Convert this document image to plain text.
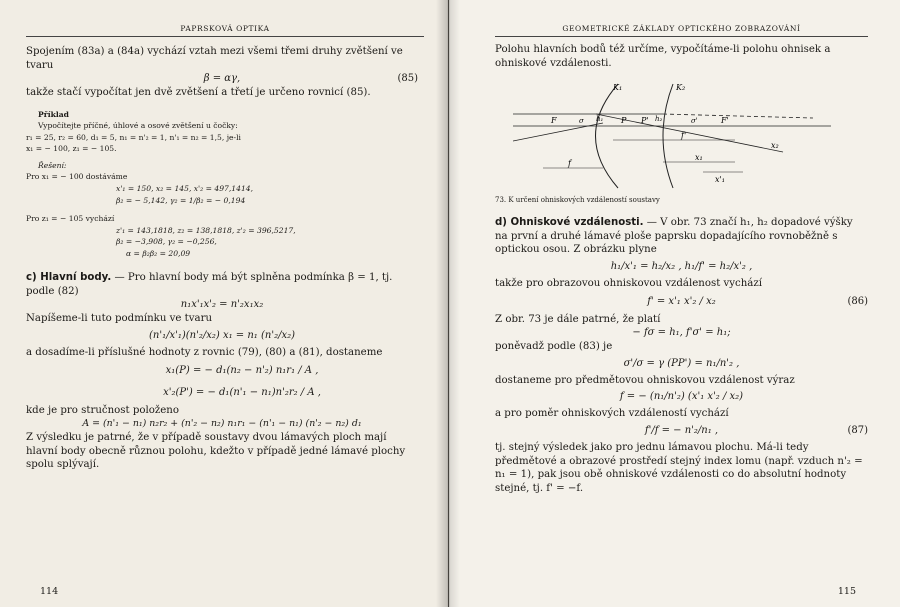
PAPRSKOVÁ OPTIKA

Spojením (83a) a (84a) vychází vztah mezi všemi třemi druhy zvětšení ve tvaru

β = αγ,	(85)

takže stačí vypočítat jen dvě zvětšení a třetí je určeno rovnicí (85).

Příklad

Vypočítejte příčné, úhlové a osové zvětšení u čočky:

r₁ = 25, r₂ = 60, d₁ = 5, n₁ = n'₂ = 1, n'₁ = n₂ = 1,5, je-li

x₁ = − 100, z₁ = − 105.

Řešení:

Pro x₁ = − 100 dostáváme

x'₁ = 150, x₂ = 145, x'₂ = 497,1414,

β₂ = − 5,142, γ₂ = 1/β₂ = − 0,194

Pro z₁ = − 105 vychází

z'₁ = 143,1818, z₂ = 138,1818, z'₂ = 396,5217,

β₂ = −3,908, γ₂ = −0,256,

α = β₂β₂ = 20,09

c) Hlavní body. — Pro hlavní body má být splněna podmínka β = 1, tj. podle (82)

n₁x'₁x'₂ = n'₂x₁x₂

Napíšeme-li tuto podmínku ve tvaru

(n'₁/x'₁)(n'₂/x₂) x₁ = n₁ (n'₂/x₂)

a dosadíme-li příslušné hodnoty z rovnic (79), (80) a (81), dostaneme

x₁(P) = − d₁(n₂ − n'₂) n₁r₁ / A ,
x'₂(P') = − d₁(n'₁ − n₁)n'₂r₂ / A ,

kde je pro stručnost položeno

A = (n'₁ − n₁) n₂r₂ + (n'₂ − n₂) n₁r₁ − (n'₁ − n₁) (n'₂ − n₂) d₁

Z výsledku je patrné, že v případě soustavy dvou lámavých ploch mají hlavní body obecně různou polohu, kdežto v případě jedné lámavé plochy spolu splývají.

114
GEOMETRICKÉ ZÁKLADY OPTICKÉHO ZOBRAZOVÁNÍ

Polohu hlavních bodů též určíme, vypočítáme-li polohu ohnisek a ohniskové vzdálenosti.

K₁	K₂
F	σ h₁ P P' h₂	σ'	F'
f
f'
x₁
x'₁
x₂

73. K určení ohniskových vzdáleností soustavy

d) Ohniskové vzdálenosti. — V obr. 73 značí h₁, h₂ dopadové výšky na první a druhé lámavé ploše paprsku dopadajícího rovnoběžně s optickou osou. Z obrázku plyne

h₁/x'₁ = h₂/x₂ , h₁/f' = h₂/x'₂ ,

takže pro obrazovou ohniskovou vzdálenost vychází

f' = x'₁ x'₂ / x₂	(86)

Z obr. 73 je dále patrné, že platí

− fσ = h₁, f'σ' = h₁;

poněvadž podle (83) je

σ'/σ = γ (PP') = n₁/n'₂ ,

dostaneme pro předmětovou ohniskovou vzdálenost výraz

f = − (n₁/n'₂) (x'₁ x'₂ / x₂)

a pro poměr ohniskových vzdáleností vychází

f'/f = − n'₂/n₁ ,	(87)

tj. stejný výsledek jako pro jednu lámavou plochu. Má-li tedy předmětové a obrazové prostředí stejný index lomu (např. vzduch n'₂ = n₁ = 1), pak jsou obě ohniskové vzdálenosti co do absolutní hodnoty stejné, tj. f' = −f.

115
